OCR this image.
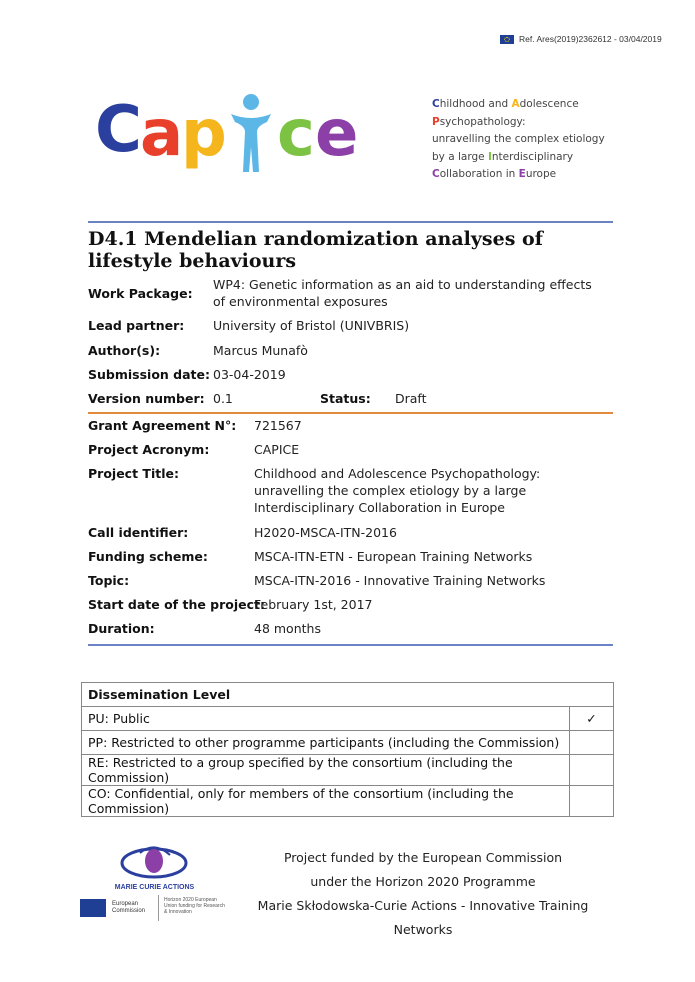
Ref. Ares(2019)2362612 - 03/04/2019
C
a
p c e	Childhood and Adolescence
Psychopathology:
unravelling the complex etiology
by a large Interdisciplinary
Collaboration in Europe
D4.1 Mendelian randomization analyses of lifestyle behaviours
Work Package:
WP4: Genetic information as an aid to understanding effects of environmental exposures
Lead partner: University of Bristol (UNIVBRIS)
Author(s):	Marcus Munafò
Submission date: 03-04-2019
Version number: 0.1	Status: Draft
Grant Agreement N°: 721567
Project Acronym:	CAPICE
Project Title:	Childhood and Adolescence Psychopathology: unravelling the complex etiology by a large Interdisciplinary Collaboration in Europe
Call identifier:	H2020-MSCA-ITN-2016
Funding scheme:	MSCA-ITN-ETN - European Training Networks
Topic:	MSCA-ITN-2016 - Innovative Training Networks
Start date of the project:
February 1st, 2017
Duration:	48 months
Dissemination Level	
PU: Public	✓
PP: Restricted to other programme participants (including the Commission)	
RE: Restricted to a group specified by the consortium (including the Commission)	
CO: Confidential, only for members of the consortium (including the Commission)	
MARIE CURIE ACTIONS
European Commission
Horizon 2020 European Union funding for Research & Innovation
Project funded by the European Commission
under the Horizon 2020 Programme
Marie Skłodowska-Curie Actions - Innovative Training Networks
